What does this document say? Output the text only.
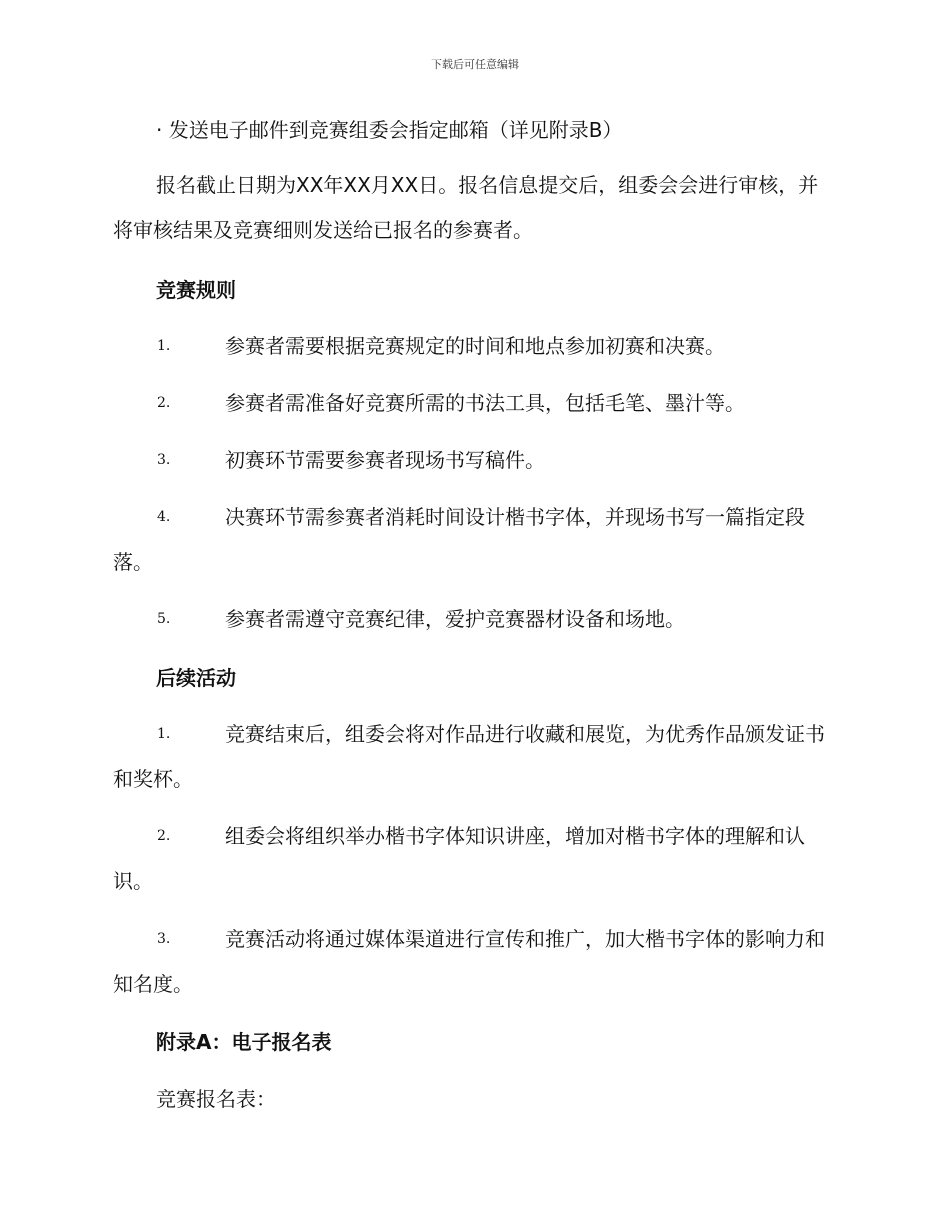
下载后可任意编辑
· 发送电子邮件到竞赛组委会指定邮箱（详见附录B）
报名截止日期为XX年XX月XX日。报名信息提交后，组委会会进行审核，并将审核结果及竞赛细则发送给已报名的参赛者。
竞赛规则
1.	参赛者需要根据竞赛规定的时间和地点参加初赛和决赛。
2.	参赛者需准备好竞赛所需的书法工具，包括毛笔、墨汁等。
3.	初赛环节需要参赛者现场书写稿件。
4.	决赛环节需参赛者消耗时间设计楷书字体，并现场书写一篇指定段落。
5.	参赛者需遵守竞赛纪律，爱护竞赛器材设备和场地。
后续活动
1.	竞赛结束后，组委会将对作品进行收藏和展览，为优秀作品颁发证书和奖杯。
2.	组委会将组织举办楷书字体知识讲座，增加对楷书字体的理解和认识。
3.	竞赛活动将通过媒体渠道进行宣传和推广，加大楷书字体的影响力和知名度。
附录A：电子报名表
竞赛报名表：
